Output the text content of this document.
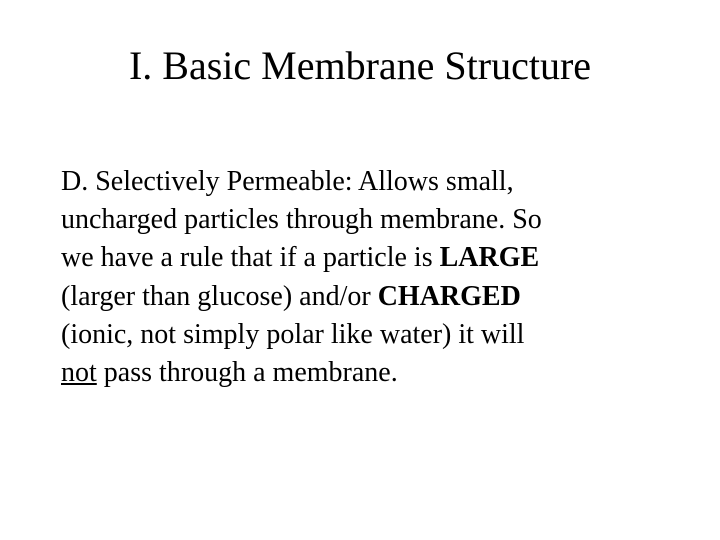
I. Basic Membrane Structure
D. Selectively Permeable: Allows small,
uncharged particles through membrane. So
we have a rule that if a particle is LARGE
(larger than glucose) and/or CHARGED
(ionic, not simply polar like water) it will
not pass through a membrane.
